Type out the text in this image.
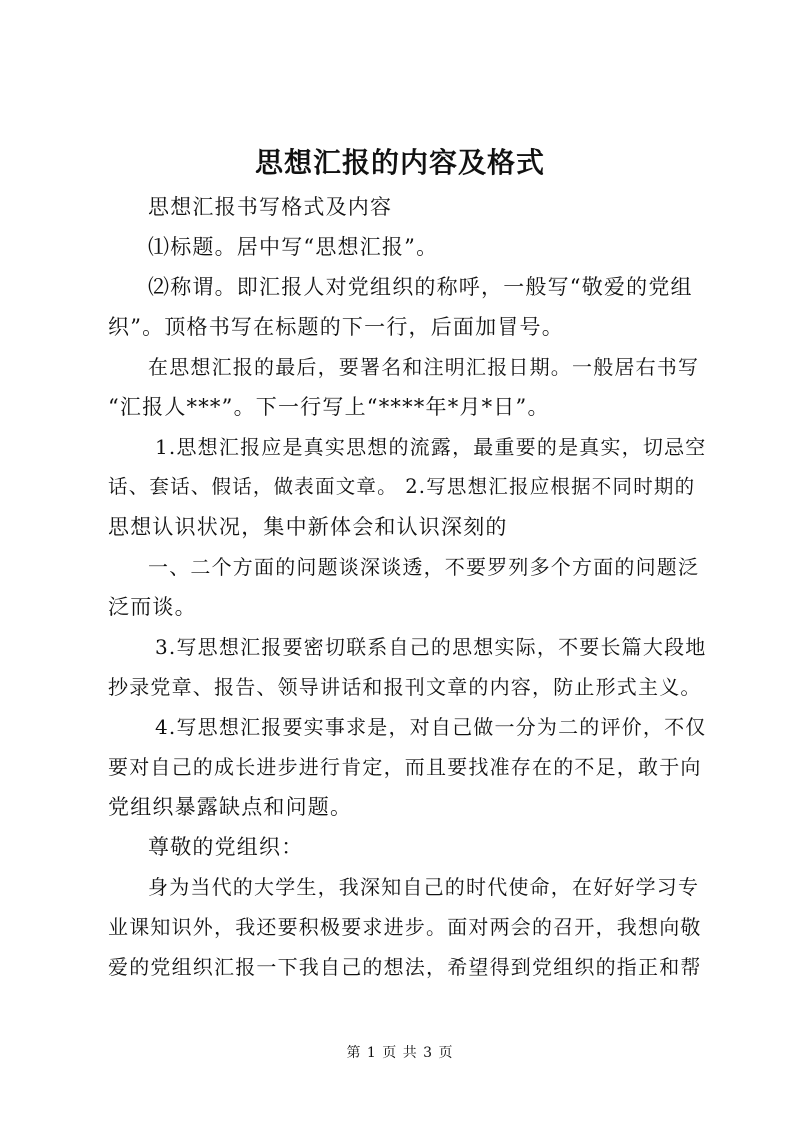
思想汇报的内容及格式
思想汇报书写格式及内容
⑴标题。居中写“思想汇报”。
⑵称谓。即汇报人对党组织的称呼，一般写“敬爱的党组
织”。顶格书写在标题的下一行，后面加冒号。
在思想汇报的最后，要署名和注明汇报日期。一般居右书写
“汇报人***”。下一行写上“****年*月*日”。
1.思想汇报应是真实思想的流露，最重要的是真实，切忌空
话、套话、假话，做表面文章。 2.写思想汇报应根据不同时期的
思想认识状况，集中新体会和认识深刻的
一、二个方面的问题谈深谈透，不要罗列多个方面的问题泛
泛而谈。
3.写思想汇报要密切联系自己的思想实际，不要长篇大段地
抄录党章、报告、领导讲话和报刊文章的内容，防止形式主义。
4.写思想汇报要实事求是，对自己做一分为二的评价，不仅
要对自己的成长进步进行肯定，而且要找准存在的不足，敢于向
党组织暴露缺点和问题。
尊敬的党组织：
身为当代的大学生，我深知自己的时代使命，在好好学习专
业课知识外，我还要积极要求进步。面对两会的召开，我想向敬
爱的党组织汇报一下我自己的想法，希望得到党组织的指正和帮
第 1 页 共 3 页
